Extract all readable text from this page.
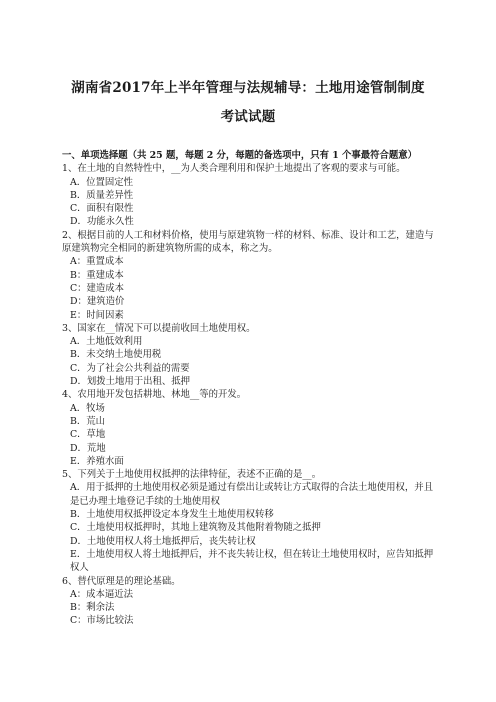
湖南省2017年上半年管理与法规辅导：土地用途管制制度
考试试题

一、单项选择题（共 25 题，每题 2 分，每题的备选项中，只有 1 个事最符合题意）

1、在土地的自然特性中，__为人类合理利用和保护土地提出了客观的要求与可能。

A．位置固定性

B．质量差异性

C．面积有限性

D．功能永久性

2、根据目前的人工和材料价格，使用与原建筑物一样的材料、标准、设计和工艺，建造与原建筑物完全相同的新建筑物所需的成本，称之为。

A：重置成本

B：重建成本

C：建造成本

D：建筑造价

E：时间因素

3、国家在__情况下可以提前收回土地使用权。

A．土地低效利用

B．未交纳土地使用税

C．为了社会公共利益的需要

D．划拨土地用于出租、抵押

4、农用地开发包括耕地、林地__等的开发。

A．牧场

B．荒山

C．草地

D．荒地

E．养殖水面

5、下列关于土地使用权抵押的法律特征，表述不正确的是__。

A．用于抵押的土地使用权必须是通过有偿出让或转让方式取得的合法土地使用权，并且是已办理土地登记手续的土地使用权

B．土地使用权抵押设定本身发生土地使用权转移

C．土地使用权抵押时，其地上建筑物及其他附着物随之抵押

D．土地使用权人将土地抵押后，丧失转让权

E．土地使用权人将土地抵押后，并不丧失转让权，但在转让土地使用权时，应告知抵押权人

6、替代原理是的理论基础。

A：成本逼近法

B：剩余法

C：市场比较法
